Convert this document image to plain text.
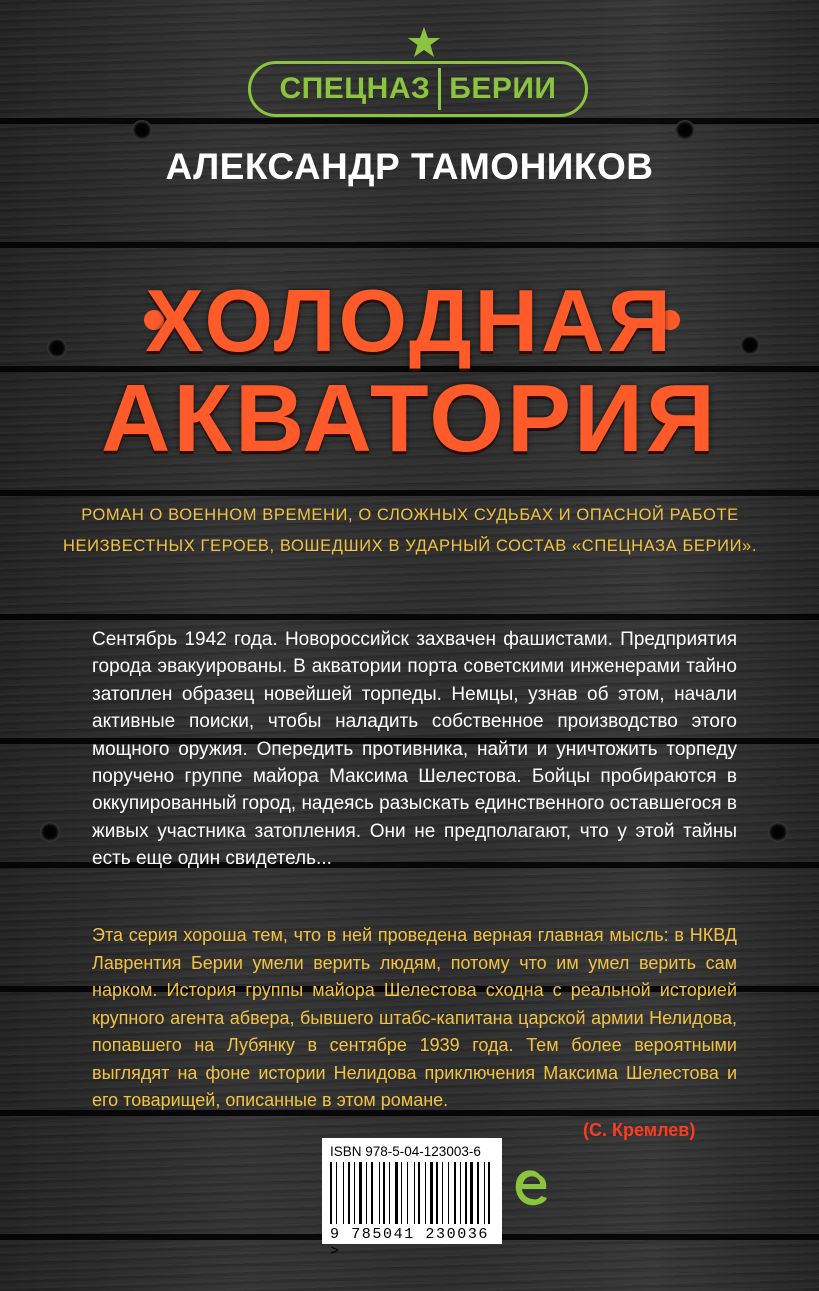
СПЕЦНАЗ БЕРИИ
АЛЕКСАНДР ТАМОНИКОВ
ХОЛОДНАЯ
АКВАТОРИЯ
РОМАН О ВОЕННОМ ВРЕМЕНИ, О СЛОЖНЫХ СУДЬБАХ И ОПАСНОЙ РАБОТЕ
НЕИЗВЕСТНЫХ ГЕРОЕВ, ВОШЕДШИХ В УДАРНЫЙ СОСТАВ «СПЕЦНАЗА БЕРИИ».
Сентябрь 1942 года. Новороссийск захвачен фашистами. Предприятия города эвакуированы. В акватории порта советскими инженерами тайно затоплен образец новейшей торпеды. Немцы, узнав об этом, начали активные поиски, чтобы наладить собственное производство этого мощного оружия. Опередить противника, найти и уничтожить торпеду поручено группе майора Максима Шелестова. Бойцы пробираются в оккупированный город, надеясь разыскать единственного оставшегося в живых участника затопления. Они не предполагают, что у этой тайны есть еще один свидетель...
Эта серия хороша тем, что в ней проведена верная главная мысль: в НКВД Лаврентия Берии умели верить людям, потому что им умел верить сам нарком. История группы майора Шелестова сходна с реальной историей крупного агента абвера, бывшего штабс-капитана царской армии Нелидова, попавшего на Лубянку в сентябре 1939 года. Тем более вероятными выглядят на фоне истории Нелидова приключения Максима Шелестова и его товарищей, описанные в этом романе.
(С. Кремлев)
ISBN 978-5-04-123003-6
9 785041 230036 >
